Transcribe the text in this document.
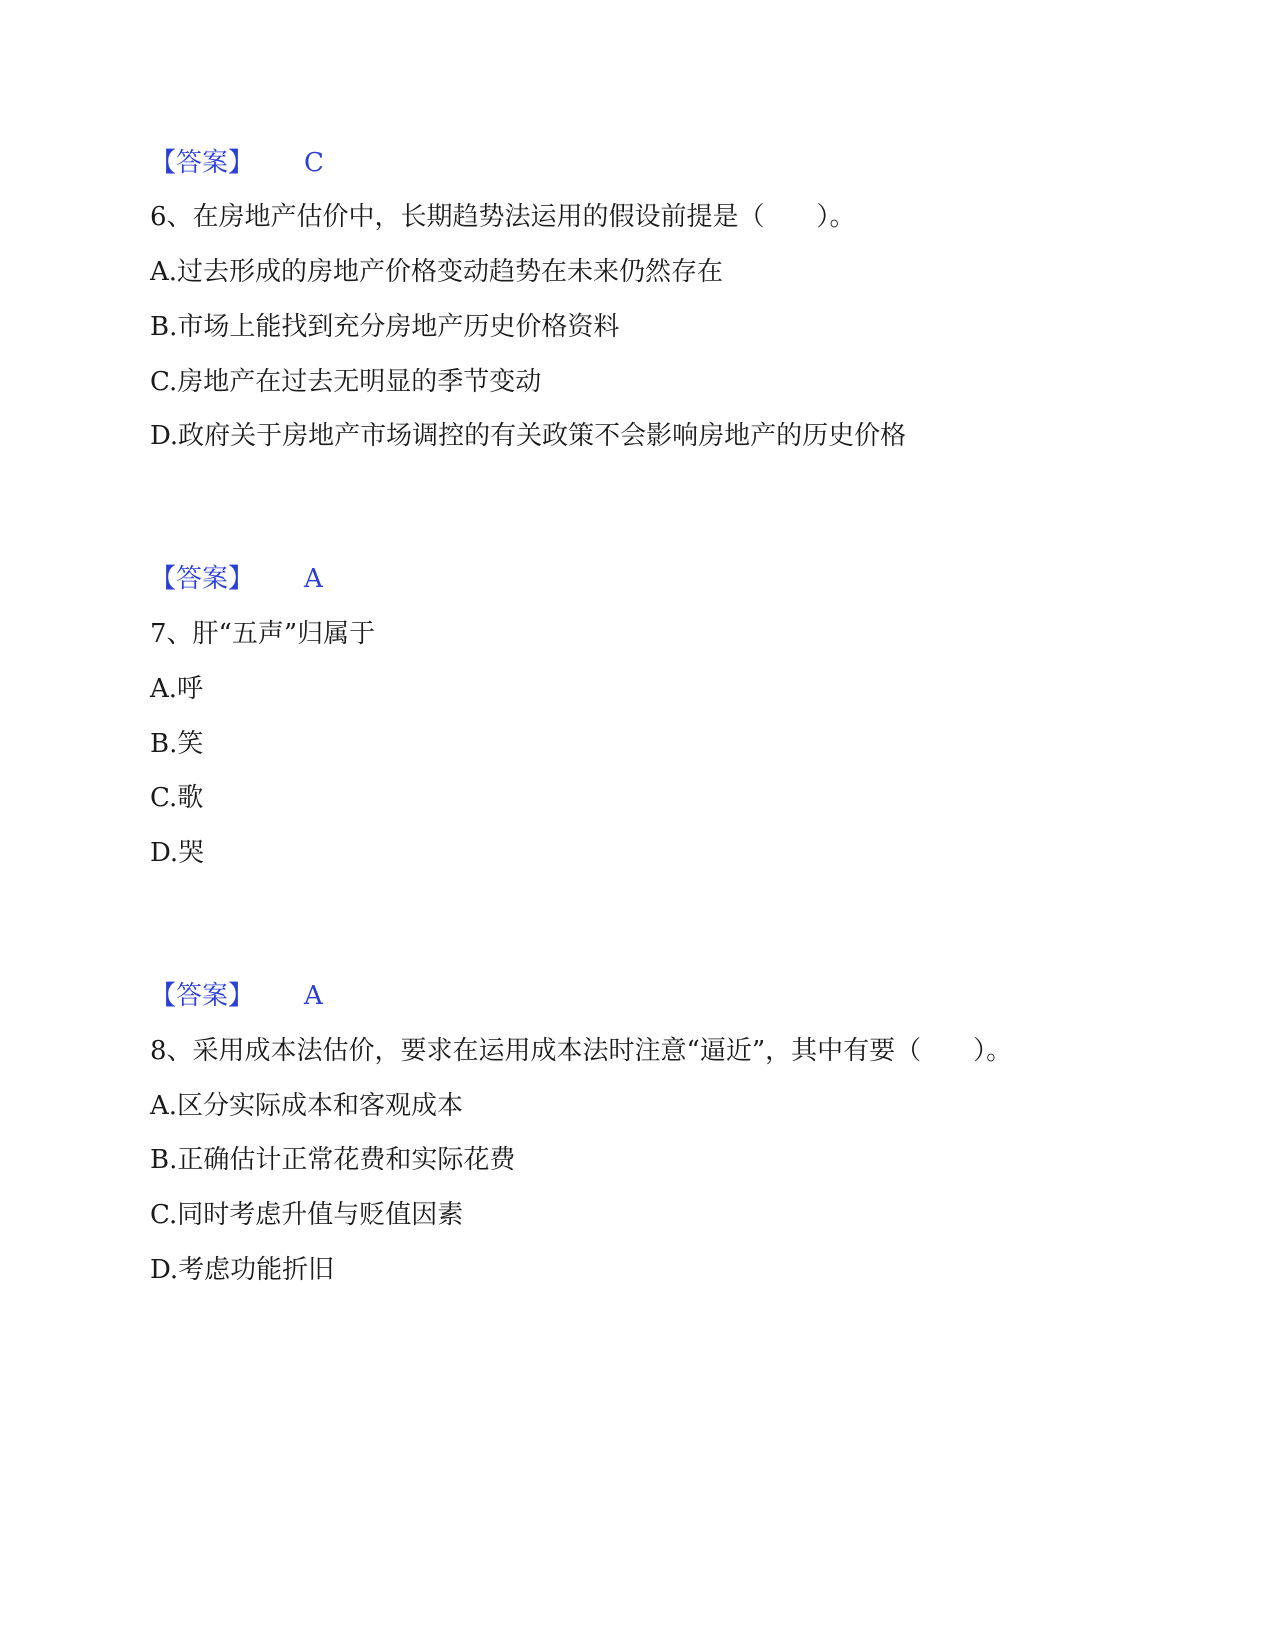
【答案】 C
6、在房地产估价中，长期趋势法运用的假设前提是（　　）。
A.过去形成的房地产价格变动趋势在未来仍然存在
B.市场上能找到充分房地产历史价格资料
C.房地产在过去无明显的季节变动
D.政府关于房地产市场调控的有关政策不会影响房地产的历史价格
【答案】 A
7、肝“五声”归属于
A.呼
B.笑
C.歌
D.哭
【答案】 A
8、采用成本法估价，要求在运用成本法时注意“逼近”，其中有要（　　）。
A.区分实际成本和客观成本
B.正确估计正常花费和实际花费
C.同时考虑升值与贬值因素
D.考虑功能折旧
